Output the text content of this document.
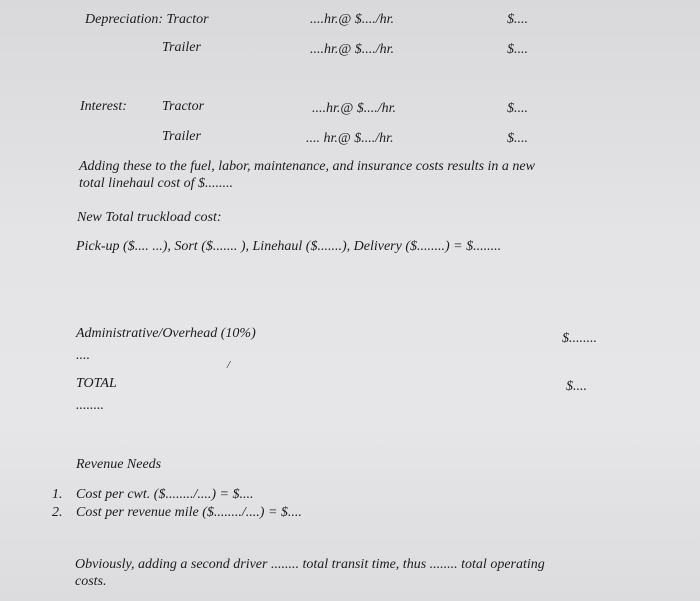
Depreciation: Tractor	....hr.@ $..../hr.	$....
Trailer	....hr.@ $..../hr.	$....
Interest:	Tractor	....hr.@ $..../hr.	$....
Trailer	.... hr.@ $..../hr.	$....
Adding these to the fuel, labor, maintenance, and insurance costs results in a new
total linehaul cost of $........
New Total truckload cost:
Pick-up ($.... ...), Sort ($....... ), Linehaul ($.......), Delivery ($........) = $........
Administrative/Overhead (10%)	$........
....
/
TOTAL	$....
........
Revenue Needs
1. Cost per cwt. ($......../....) = $....
2. Cost per revenue mile ($......../....) = $....
Obviously, adding a second driver ........ total transit time, thus ........ total operating
costs.
